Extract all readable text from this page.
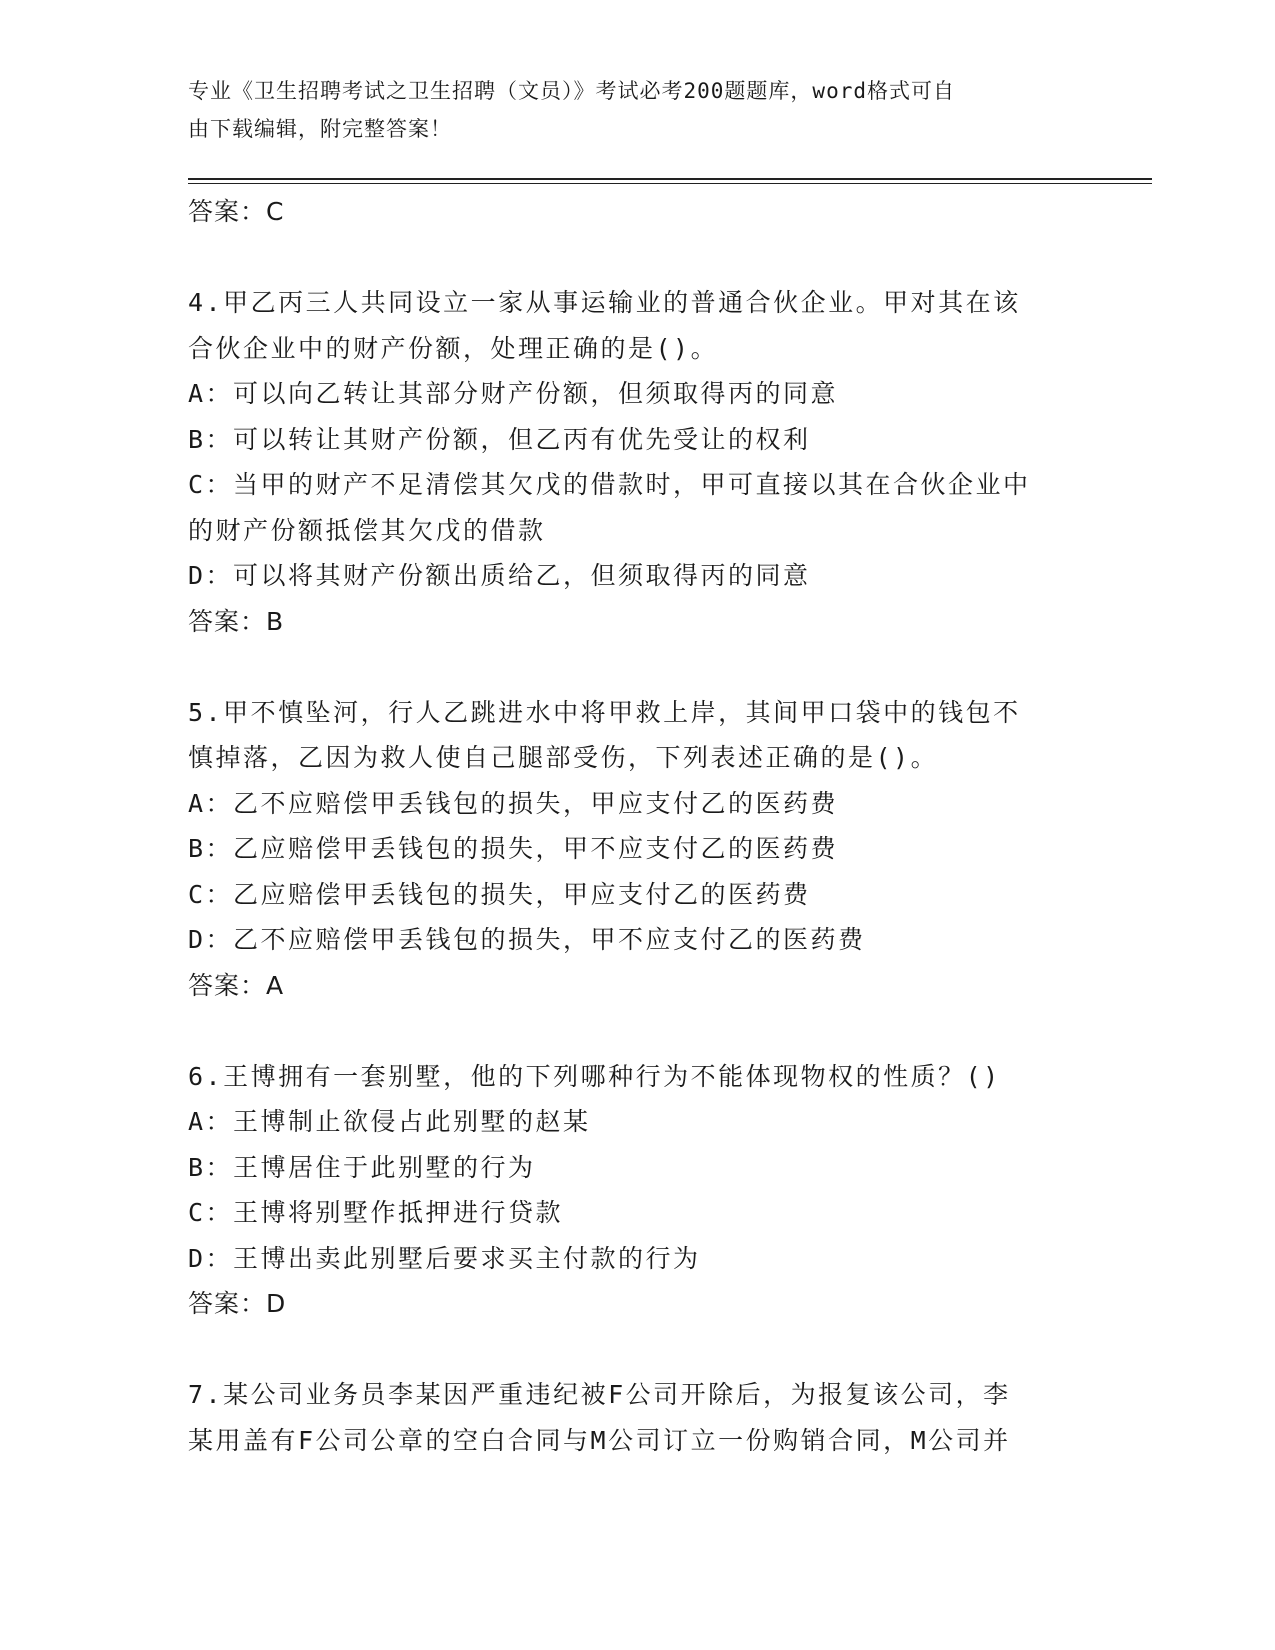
专业《卫生招聘考试之卫生招聘（文员）》考试必考200题题库，word格式可自
由下载编辑，附完整答案！
答案：C
4.甲乙丙三人共同设立一家从事运输业的普通合伙企业。甲对其在该
合伙企业中的财产份额，处理正确的是()。
A：可以向乙转让其部分财产份额，但须取得丙的同意
B：可以转让其财产份额，但乙丙有优先受让的权利
C：当甲的财产不足清偿其欠戊的借款时，甲可直接以其在合伙企业中
的财产份额抵偿其欠戊的借款
D：可以将其财产份额出质给乙，但须取得丙的同意
答案：B
5.甲不慎坠河，行人乙跳进水中将甲救上岸，其间甲口袋中的钱包不
慎掉落，乙因为救人使自己腿部受伤，下列表述正确的是()。
A：乙不应赔偿甲丢钱包的损失，甲应支付乙的医药费
B：乙应赔偿甲丢钱包的损失，甲不应支付乙的医药费
C：乙应赔偿甲丢钱包的损失，甲应支付乙的医药费
D：乙不应赔偿甲丢钱包的损失，甲不应支付乙的医药费
答案：A
6.王博拥有一套别墅，他的下列哪种行为不能体现物权的性质？()
A：王博制止欲侵占此别墅的赵某
B：王博居住于此别墅的行为
C：王博将别墅作抵押进行贷款
D：王博出卖此别墅后要求买主付款的行为
答案：D
7.某公司业务员李某因严重违纪被F公司开除后，为报复该公司，李
某用盖有F公司公章的空白合同与M公司订立一份购销合同，M公司并
